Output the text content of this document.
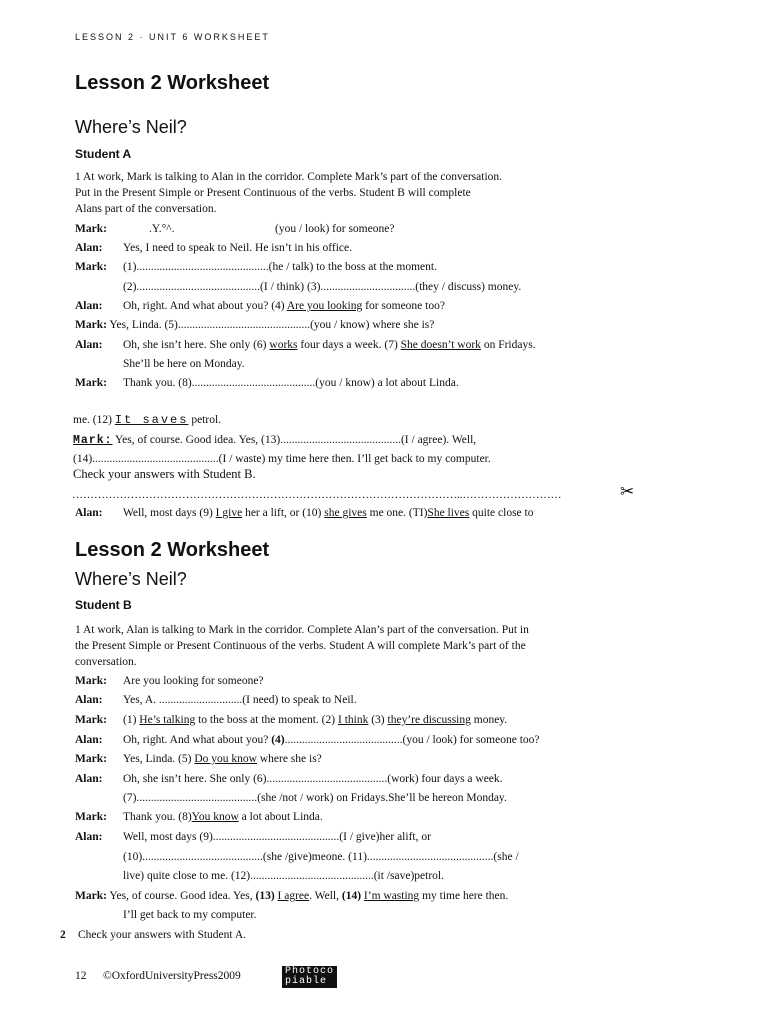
LESSON 2 · UNIT 6 WORKSHEET
Lesson 2 Worksheet
Where’s Neil?
Student A
1 At work, Mark is talking to Alan in the corridor. Complete Mark’s part of the conversation.
Put in the Present Simple or Present Continuous of the verbs. Student B will complete
Alans part of the conversation.
Mark:	.Y.°^.	(you / look) for someone?
Alan: Yes, I need to speak to Neil. He isn’t in his office.
Mark: (1)..............................................(he / talk) to the boss at the moment.
(2)...........................................(I / think) (3).................................(they / discuss) money.
Alan: Oh, right. And what about you? (4) Are you looking for someone too?
Mark: Yes, Linda. (5)..............................................(you / know) where she is?
Alan: Oh, she isn’t here. She only (6) works four days a week. (7) She doesn’t work on Fridays.
She’ll be here on Monday.
Mark: Thank you. (8)...........................................(you / know) a lot about Linda.
me. (12) It saves petrol.
Mark: Yes, of course. Good idea. Yes, (13)..........................................(I / agree). Well,
(14)............................................(I / waste) my time here then. I’ll get back to my computer.
Check your answers with Student B.
……………………………………………………………………………………………..………………………	✂
Alan: Well, most days (9) I give her a lift, or (10) she gives me one. (TI)She lives quite close to
Lesson 2 Worksheet
Where’s Neil?
Student B
1 At work, Alan is talking to Mark in the corridor. Complete Alan’s part of the conversation. Put in
the Present Simple or Present Continuous of the verbs. Student A will complete Mark’s part of the
conversation.
Mark: Are you looking for someone?
Alan: Yes, A. .............................(I need) to speak to Neil.
Mark: (1) He’s talking to the boss at the moment. (2) I think (3) they’re discussing money.
Alan: Oh, right. And what about you? (4).........................................(you / look) for someone too?
Mark: Yes, Linda. (5) Do you know where she is?
Alan: Oh, she isn’t here. She only (6)..........................................(work) four days a week.
(7)..........................................(she /not / work) on Fridays.She’ll be hereon Monday.
Mark: Thank you. (8)You know a lot about Linda.
Alan: Well, most days (9)............................................(I / give)her alift, or
(10)..........................................(she /give)meone. (11)............................................(she /
live) quite close to me. (12)...........................................(it /save)petrol.
Mark: Yes, of course. Good idea. Yes, (13) I agree. Well, (14) I’m wasting my time here then.
I’ll get back to my computer.
2 Check your answers with Student A.
12 ©OxfordUniversityPress2009	Photoco
piable
